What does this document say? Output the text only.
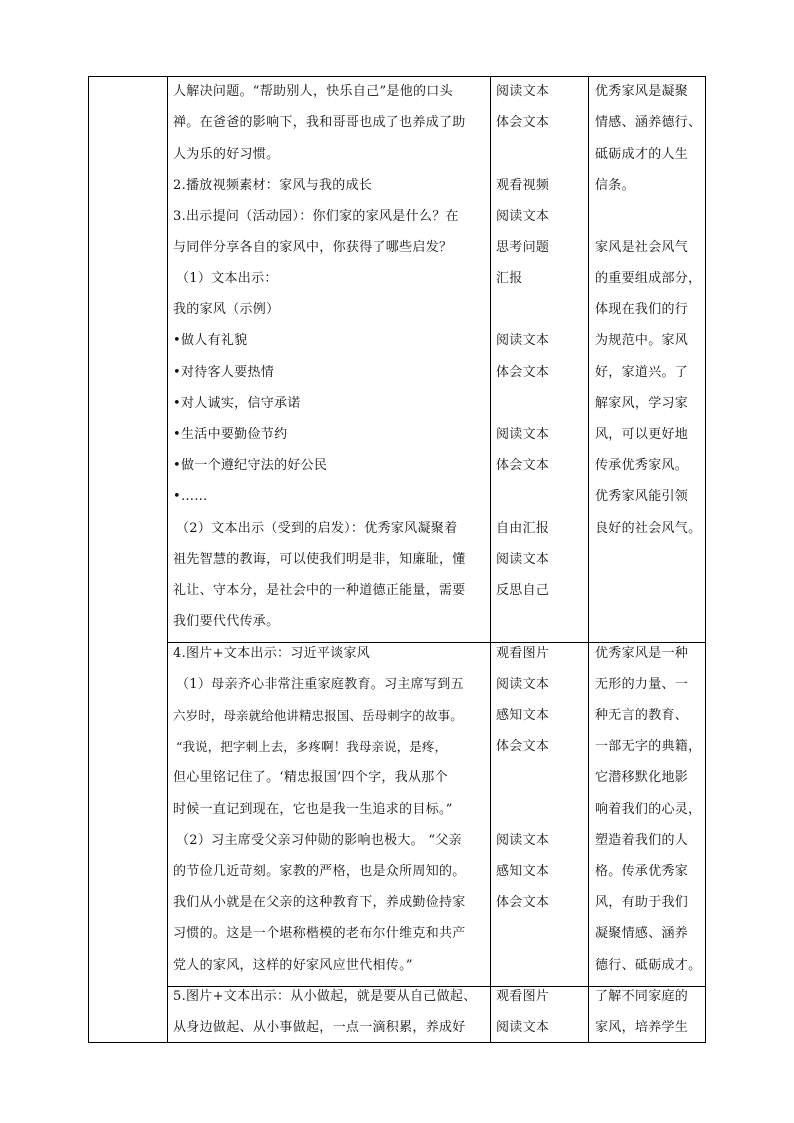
人解决问题。“帮助别人，快乐自己”是他的口头
禅。在爸爸的影响下，我和哥哥也成了也养成了助
人为乐的好习惯。
2.播放视频素材：家风与我的成长
3.出示提问（活动园）：你们家的家风是什么？在
与同伴分享各自的家风中，你获得了哪些启发？
（1）文本出示：
我的家风（示例）
•做人有礼貌
•对待客人要热情
•对人诚实，信守承诺
•生活中要勤俭节约
•做一个遵纪守法的好公民
•……
（2）文本出示（受到的启发）：优秀家风凝聚着
祖先智慧的教诲，可以使我们明是非，知廉耻，懂
礼让、守本分，是社会中的一种道德正能量，需要
我们要代代传承。
4.图片+文本出示：习近平谈家风
（1）母亲齐心非常注重家庭教育。习主席写到五
六岁时，母亲就给他讲精忠报国、岳母刺字的故事。
“我说，把字刺上去，多疼啊！我母亲说，是疼，
但心里铭记住了。‘精忠报国’四个字，我从那个
时候一直记到现在，它也是我一生追求的目标。”
（2）习主席受父亲习仲勋的影响也极大。 “父亲
的节俭几近苛刻。家教的严格，也是众所周知的。
我们从小就是在父亲的这种教育下，养成勤俭持家
习惯的。这是一个堪称楷模的老布尔什维克和共产
党人的家风，这样的好家风应世代相传。”
5.图片+文本出示：从小做起，就是要从自己做起、
从身边做起、从小事做起，一点一滴积累，养成好
阅读文本
体会文本
观看视频
阅读文本
思考问题
汇报
阅读文本
体会文本
阅读文本
体会文本
自由汇报
阅读文本
反思自己
观看图片
阅读文本
感知文本
体会文本
阅读文本
感知文本
体会文本
观看图片
阅读文本
优秀家风是凝聚
情感、涵养德行、
砥砺成才的人生
信条。
家风是社会风气
的重要组成部分，
体现在我们的行
为规范中。家风
好，家道兴。了
解家风，学习家
风，可以更好地
传承优秀家风。
优秀家风能引领
良好的社会风气。
优秀家风是一种
无形的力量、一
种无言的教育、
一部无字的典籍，
它潜移默化地影
响着我们的心灵，
塑造着我们的人
格。传承优秀家
风，有助于我们
凝聚情感、涵养
德行、砥砺成才。
了解不同家庭的
家风，培养学生
